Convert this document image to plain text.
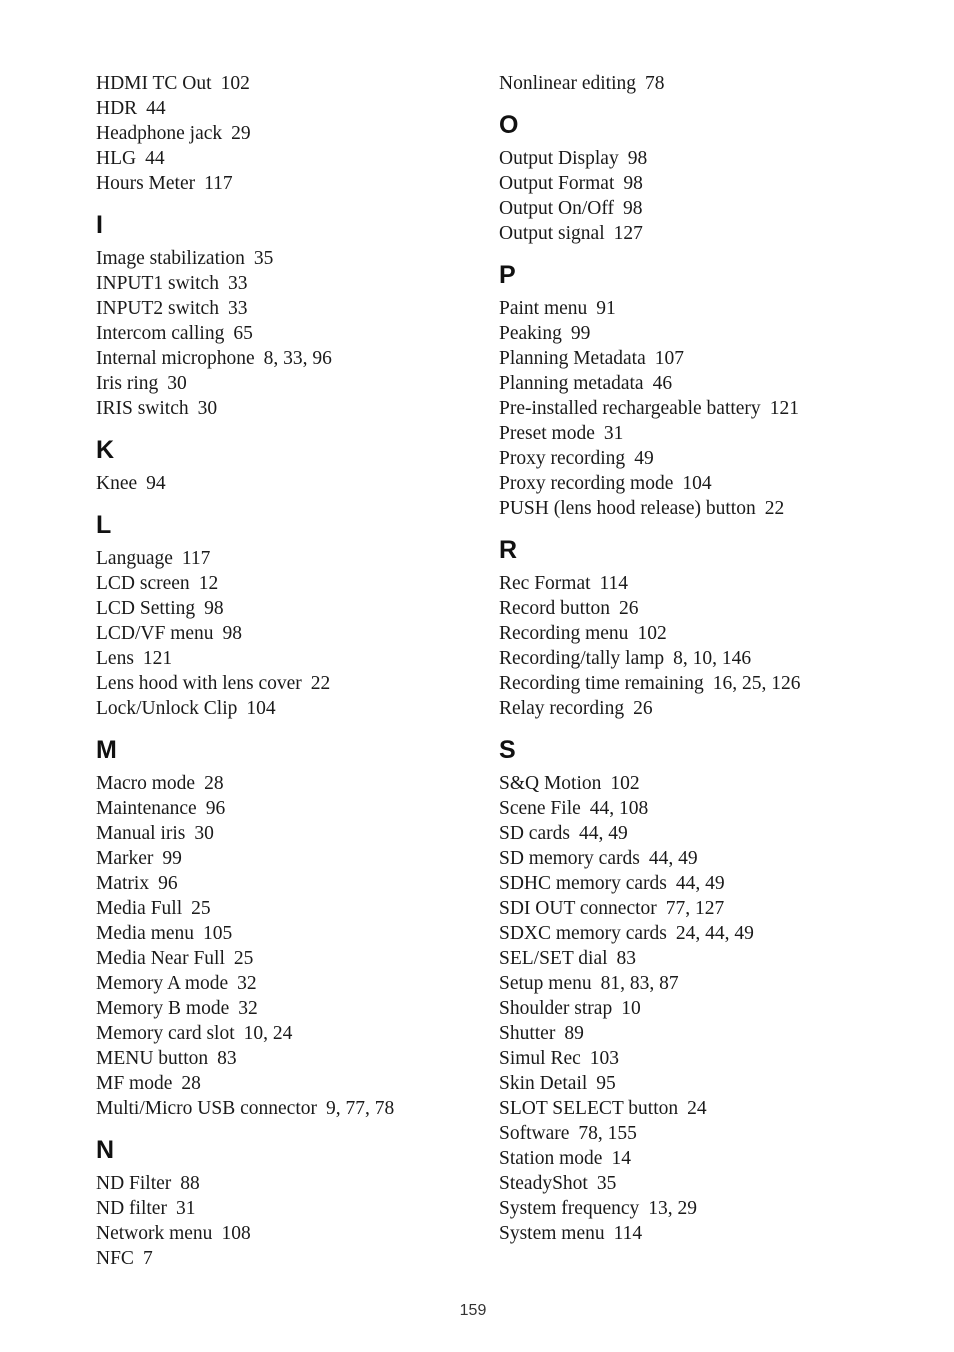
HDMI TC Out 102
HDR 44
Headphone jack 29
HLG 44
Hours Meter 117
I
Image stabilization 35
INPUT1 switch 33
INPUT2 switch 33
Intercom calling 65
Internal microphone 8, 33, 96
Iris ring 30
IRIS switch 30
K
Knee 94
L
Language 117
LCD screen 12
LCD Setting 98
LCD/VF menu 98
Lens 121
Lens hood with lens cover 22
Lock/Unlock Clip 104
M
Macro mode 28
Maintenance 96
Manual iris 30
Marker 99
Matrix 96
Media Full 25
Media menu 105
Media Near Full 25
Memory A mode 32
Memory B mode 32
Memory card slot 10, 24
MENU button 83
MF mode 28
Multi/Micro USB connector 9, 77, 78
N
ND Filter 88
ND filter 31
Network menu 108
NFC 7
Nonlinear editing 78
O
Output Display 98
Output Format 98
Output On/Off 98
Output signal 127
P
Paint menu 91
Peaking 99
Planning Metadata 107
Planning metadata 46
Pre-installed rechargeable battery 121
Preset mode 31
Proxy recording 49
Proxy recording mode 104
PUSH (lens hood release) button 22
R
Rec Format 114
Record button 26
Recording menu 102
Recording/tally lamp 8, 10, 146
Recording time remaining 16, 25, 126
Relay recording 26
S
S&Q Motion 102
Scene File 44, 108
SD cards 44, 49
SD memory cards 44, 49
SDHC memory cards 44, 49
SDI OUT connector 77, 127
SDXC memory cards 24, 44, 49
SEL/SET dial 83
Setup menu 81, 83, 87
Shoulder strap 10
Shutter 89
Simul Rec 103
Skin Detail 95
SLOT SELECT button 24
Software 78, 155
Station mode 14
SteadyShot 35
System frequency 13, 29
System menu 114
159
